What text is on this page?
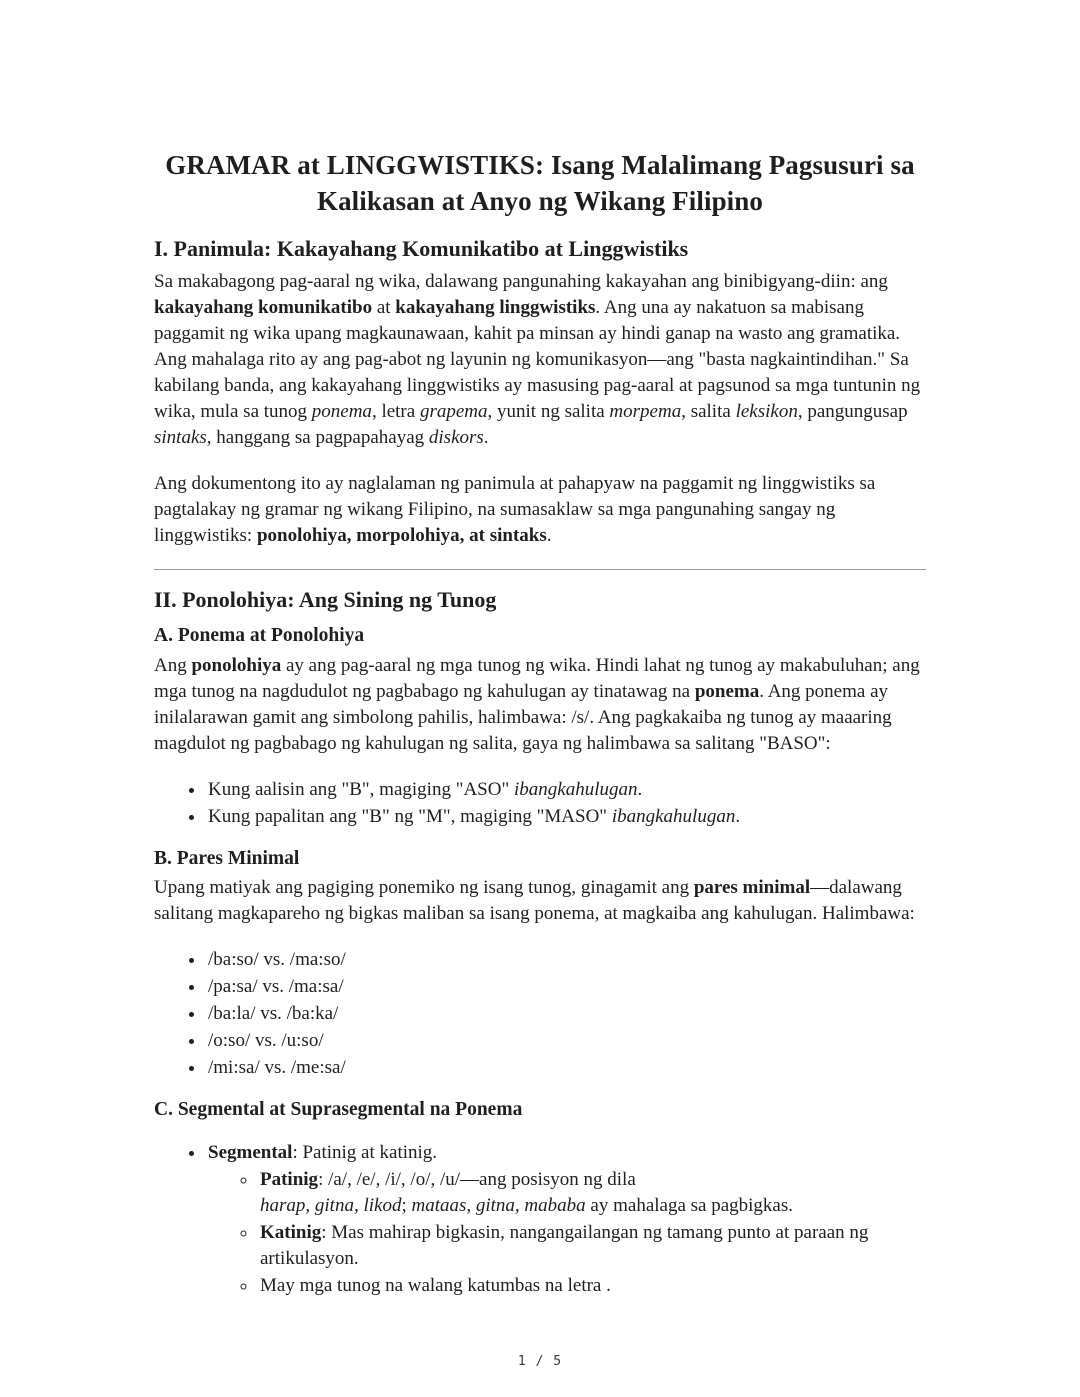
GRAMAR at LINGGWISTIKS: Isang Malalimang Pagsusuri sa Kalikasan at Anyo ng Wikang Filipino
I. Panimula: Kakayahang Komunikatibo at Linggwistiks

Sa makabagong pag-aaral ng wika, dalawang pangunahing kakayahan ang binibigyang-diin: ang kakayahang komunikatibo at kakayahang linggwistiks. Ang una ay nakatuon sa mabisang paggamit ng wika upang magkaunawaan, kahit pa minsan ay hindi ganap na wasto ang gramatika. Ang mahalaga rito ay ang pag-abot ng layunin ng komunikasyon—ang "basta nagkaintindihan." Sa kabilang banda, ang kakayahang linggwistiks ay masusing pag-aaral at pagsunod sa mga tuntunin ng wika, mula sa tunog ponema, letra grapema, yunit ng salita morpema, salita leksikon, pangungusap sintaks, hanggang sa pagpapahayag diskors.

Ang dokumentong ito ay naglalaman ng panimula at pahapyaw na paggamit ng linggwistiks sa pagtalakay ng gramar ng wikang Filipino, na sumasaklaw sa mga pangunahing sangay ng linggwistiks: ponolohiya, morpolohiya, at sintaks.

II. Ponolohiya: Ang Sining ng Tunog
A. Ponema at Ponolohiya

Ang ponolohiya ay ang pag-aaral ng mga tunog ng wika. Hindi lahat ng tunog ay makabuluhan; ang mga tunog na nagdudulot ng pagbabago ng kahulugan ay tinatawag na ponema. Ang ponema ay inilalarawan gamit ang simbolong pahilis, halimbawa: /s/. Ang pagkakaiba ng tunog ay maaaring magdulot ng pagbabago ng kahulugan ng salita, gaya ng halimbawa sa salitang "BASO":

• Kung aalisin ang "B", magiging "ASO" ibangkahulugan.
• Kung papalitan ang "B" ng "M", magiging "MASO" ibangkahulugan.
B. Pares Minimal

Upang matiyak ang pagiging ponemiko ng isang tunog, ginagamit ang pares minimal—dalawang salitang magkapareho ng bigkas maliban sa isang ponema, at magkaiba ang kahulugan. Halimbawa:

• /ba:so/ vs. /ma:so/
• /pa:sa/ vs. /ma:sa/
• /ba:la/ vs. /ba:ka/
• /o:so/ vs. /u:so/
• /mi:sa/ vs. /me:sa/
C. Segmental at Suprasegmental na Ponema
• Segmental: Patinig at katinig.
◦ Patinig: /a/, /e/, /i/, /o/, /u/—ang posisyon ng dila
harap, gitna, likod; mataas, gitna, mababa ay mahalaga sa pagbigkas.
◦ Katinig: Mas mahirap bigkasin, nangangailangan ng tamang punto at paraan ng artikulasyon.
◦ May mga tunog na walang katumbas na letra .
1 / 5
